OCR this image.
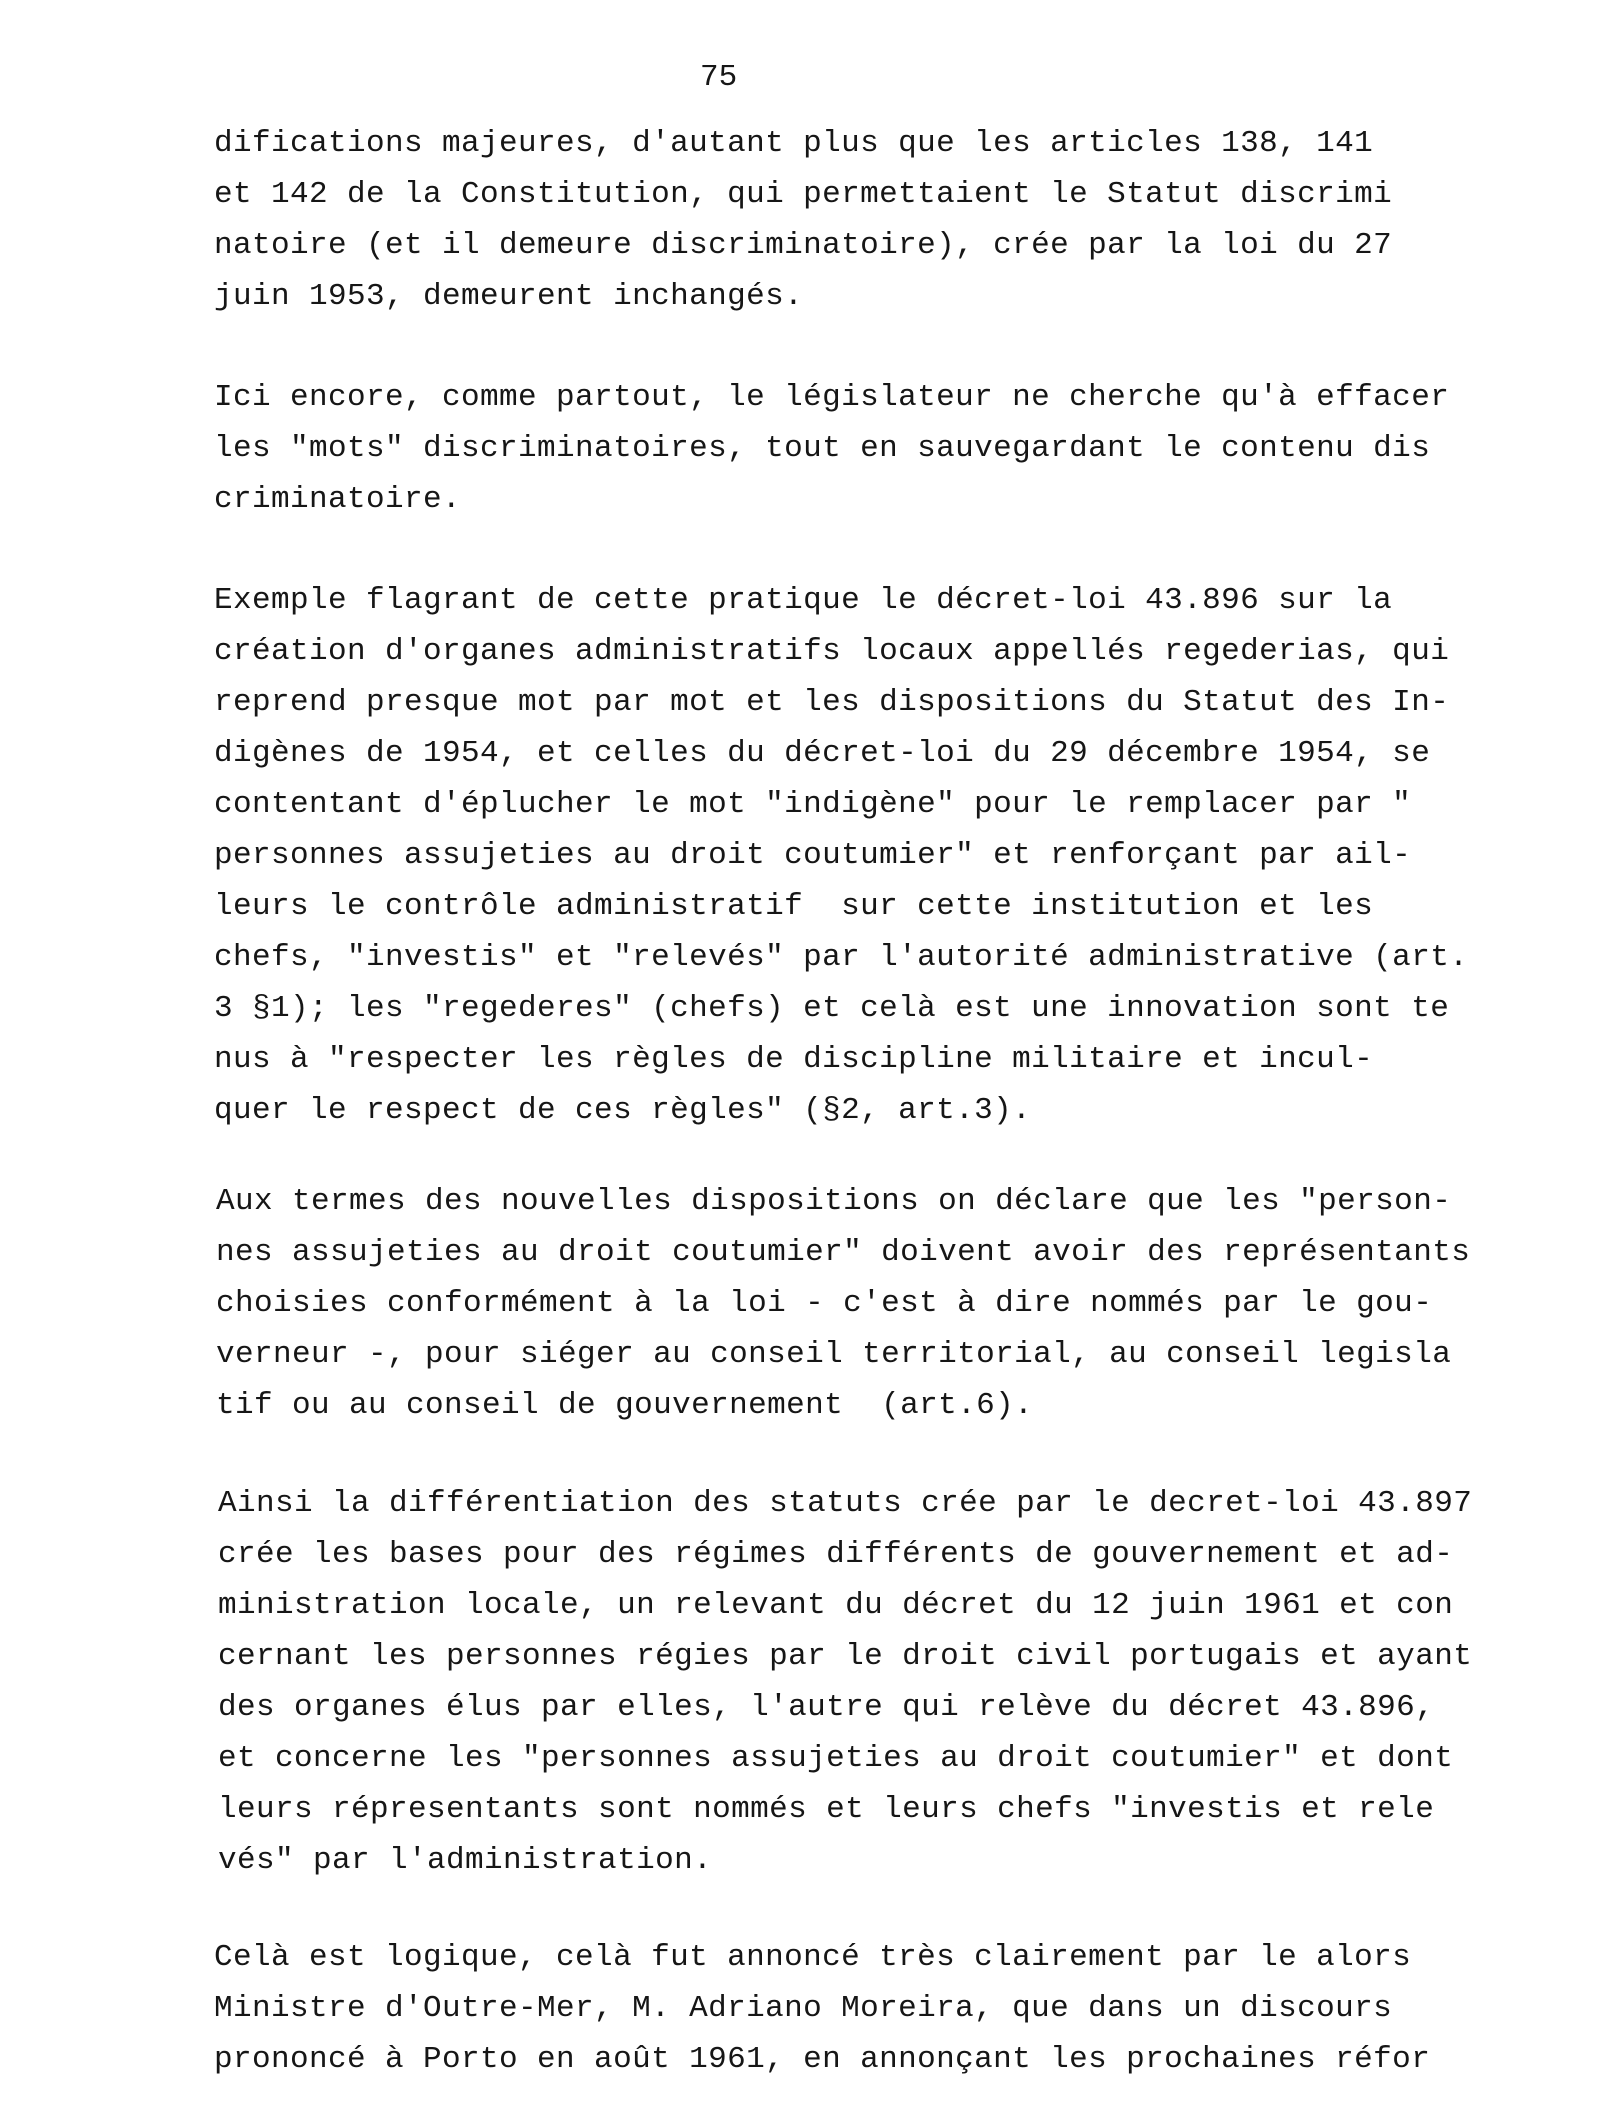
75
difications majeures, d'autant plus que les articles 138, 141
et 142 de la Constitution, qui permettaient le Statut discrimi
natoire (et il demeure discriminatoire), crée par la loi du 27
juin 1953, demeurent inchangés.
Ici encore, comme partout, le législateur ne cherche qu'à effacer
les "mots" discriminatoires, tout en sauvegardant le contenu dis
criminatoire.
Exemple flagrant de cette pratique le décret-loi 43.896 sur la
création d'organes administratifs locaux appellés regederias, qui
reprend presque mot par mot et les dispositions du Statut des In-
digènes de 1954, et celles du décret-loi du 29 décembre 1954, se
contentant d'éplucher le mot "indigène" pour le remplacer par "
personnes assujeties au droit coutumier" et renforçant par ail-
leurs le contrôle administratif  sur cette institution et les
chefs, "investis" et "relevés" par l'autorité administrative (art.
3 §1); les "regederes" (chefs) et celà est une innovation sont te
nus à "respecter les règles de discipline militaire et incul-
quer le respect de ces règles" (§2, art.3).
Aux termes des nouvelles dispositions on déclare que les "person-
nes assujeties au droit coutumier" doivent avoir des représentants
choisies conformément à la loi - c'est à dire nommés par le gou-
verneur -, pour siéger au conseil territorial, au conseil legisla
tif ou au conseil de gouvernement  (art.6).
Ainsi la différentiation des statuts crée par le decret-loi 43.897
crée les bases pour des régimes différents de gouvernement et ad-
ministration locale, un relevant du décret du 12 juin 1961 et con
cernant les personnes régies par le droit civil portugais et ayant
des organes élus par elles, l'autre qui relève du décret 43.896,
et concerne les "personnes assujeties au droit coutumier" et dont
leurs répresentants sont nommés et leurs chefs "investis et rele
vés" par l'administration.
Celà est logique, celà fut annoncé très clairement par le alors
Ministre d'Outre-Mer, M. Adriano Moreira, que dans un discours
prononcé à Porto en août 1961, en annonçant les prochaines réfor
